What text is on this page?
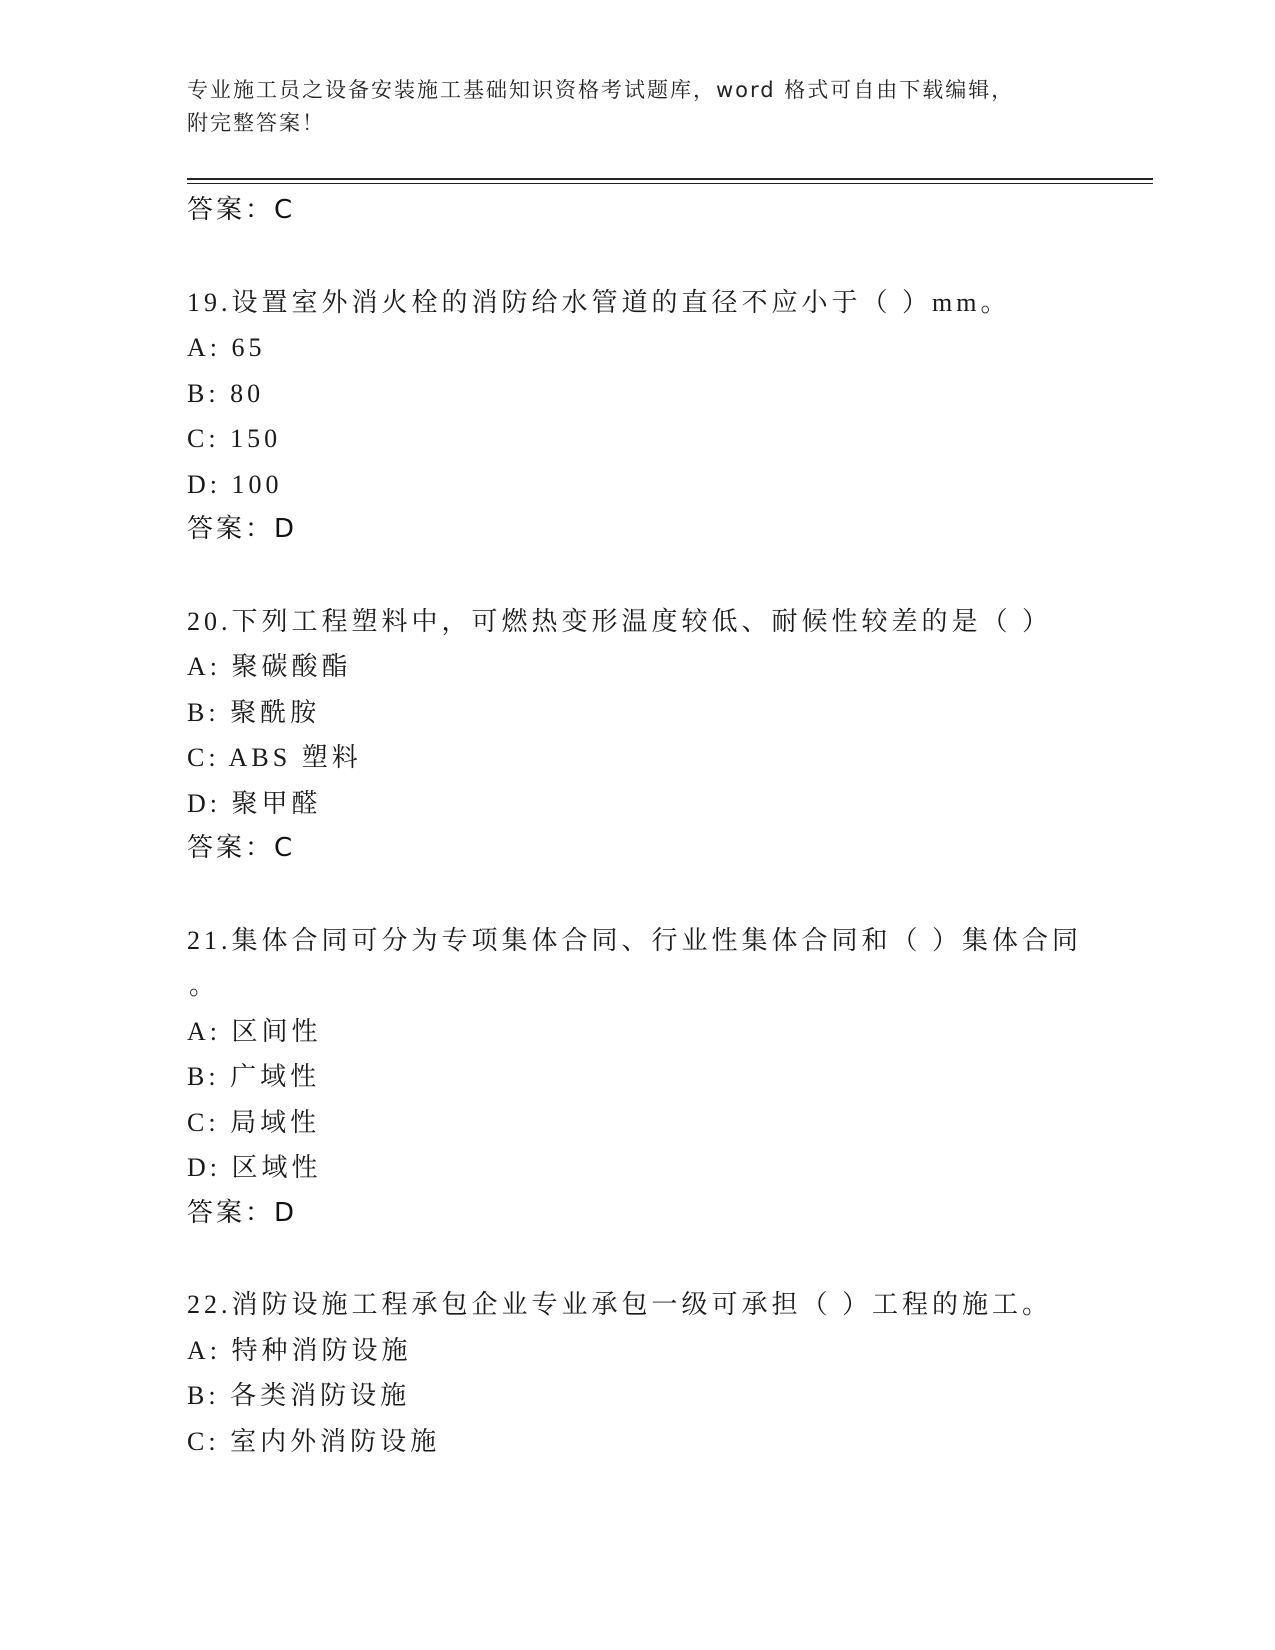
专业施工员之设备安装施工基础知识资格考试题库，word 格式可自由下载编辑，
附完整答案！
答案：C
19.设置室外消火栓的消防给水管道的直径不应小于（ ）mm。
A: 65
B: 80
C: 150
D: 100
答案：D
20.下列工程塑料中，可燃热变形温度较低、耐候性较差的是（ ）
A: 聚碳酸酯
B: 聚酰胺
C: ABS 塑料
D: 聚甲醛
答案：C
21.集体合同可分为专项集体合同、行业性集体合同和（ ）集体合同
。
A: 区间性
B: 广域性
C: 局域性
D: 区域性
答案：D
22.消防设施工程承包企业专业承包一级可承担（ ）工程的施工。
A: 特种消防设施
B: 各类消防设施
C: 室内外消防设施
